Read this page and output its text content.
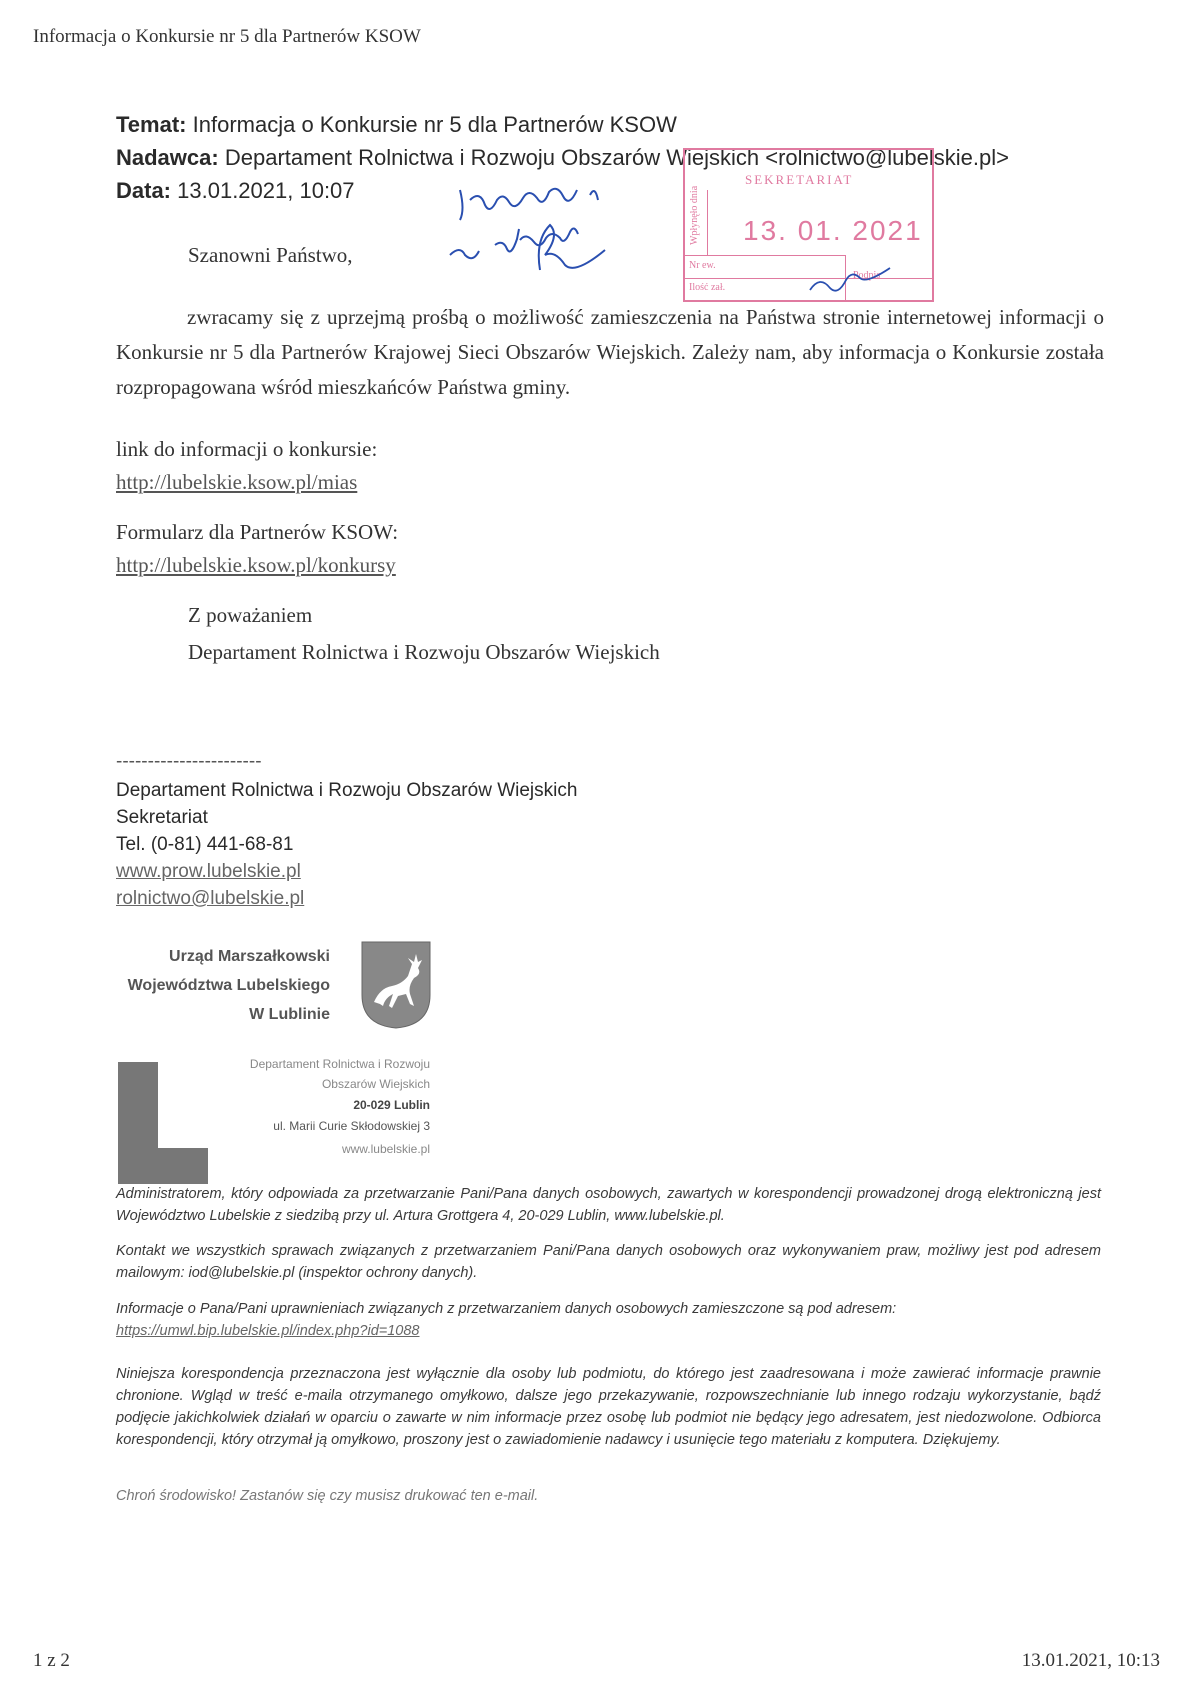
Informacja o Konkursie nr 5 dla Partnerów KSOW
Temat: Informacja o Konkursie nr 5 dla Partnerów KSOW
Nadawca: Departament Rolnictwa i Rozwoju Obszarów Wiejskich <rolnictwo@lubelskie.pl>
Data: 13.01.2021, 10:07	SEKRETARIAT
Wpłynęło dnia 13. 01. 2021
Nr ew.
Ilość zał.
Podpis
Szanowni Państwo,
zwracamy się z uprzejmą prośbą o możliwość zamieszczenia na Państwa stronie internetowej informacji o Konkursie nr 5 dla Partnerów Krajowej Sieci Obszarów Wiejskich. Zależy nam, aby informacja o Konkursie została rozpropagowana wśród mieszkańców Państwa gminy.
link do informacji o konkursie:
http://lubelskie.ksow.pl/mias
Formularz dla Partnerów KSOW:
http://lubelskie.ksow.pl/konkursy
Z poważaniem
Departament Rolnictwa i Rozwoju Obszarów Wiejskich
-----------------------
Departament Rolnictwa i Rozwoju Obszarów Wiejskich
Sekretariat
Tel. (0-81) 441-68-81
www.prow.lubelskie.pl
rolnictwo@lubelskie.pl
Urząd Marszałkowski
Województwa Lubelskiego
W Lublinie
Departament Rolnictwa i Rozwoju
Obszarów Wiejskich
20-029 Lublin
ul. Marii Curie Skłodowskiej 3
www.lubelskie.pl
Administratorem, który odpowiada za przetwarzanie Pani/Pana danych osobowych, zawartych w korespondencji prowadzonej drogą elektroniczną jest Województwo Lubelskie z siedzibą przy ul. Artura Grottgera 4, 20-029 Lublin, www.lubelskie.pl.
Kontakt we wszystkich sprawach związanych z przetwarzaniem Pani/Pana danych osobowych oraz wykonywaniem praw, możliwy jest pod adresem mailowym: iod@lubelskie.pl (inspektor ochrony danych).
Informacje o Pana/Pani uprawnieniach związanych z przetwarzaniem danych osobowych zamieszczone są pod adresem:
https://umwl.bip.lubelskie.pl/index.php?id=1088
Niniejsza korespondencja przeznaczona jest wyłącznie dla osoby lub podmiotu, do którego jest zaadresowana i może zawierać informacje prawnie chronione. Wgląd w treść e-maila otrzymanego omyłkowo, dalsze jego przekazywanie, rozpowszechnianie lub innego rodzaju wykorzystanie, bądź podjęcie jakichkolwiek działań w oparciu o zawarte w nim informacje przez osobę lub podmiot nie będący jego adresatem, jest niedozwolone. Odbiorca korespondencji, który otrzymał ją omyłkowo, proszony jest o zawiadomienie nadawcy i usunięcie tego materiału z komputera. Dziękujemy.
Chroń środowisko! Zastanów się czy musisz drukować ten e-mail.
1 z 2	13.01.2021, 10:13
